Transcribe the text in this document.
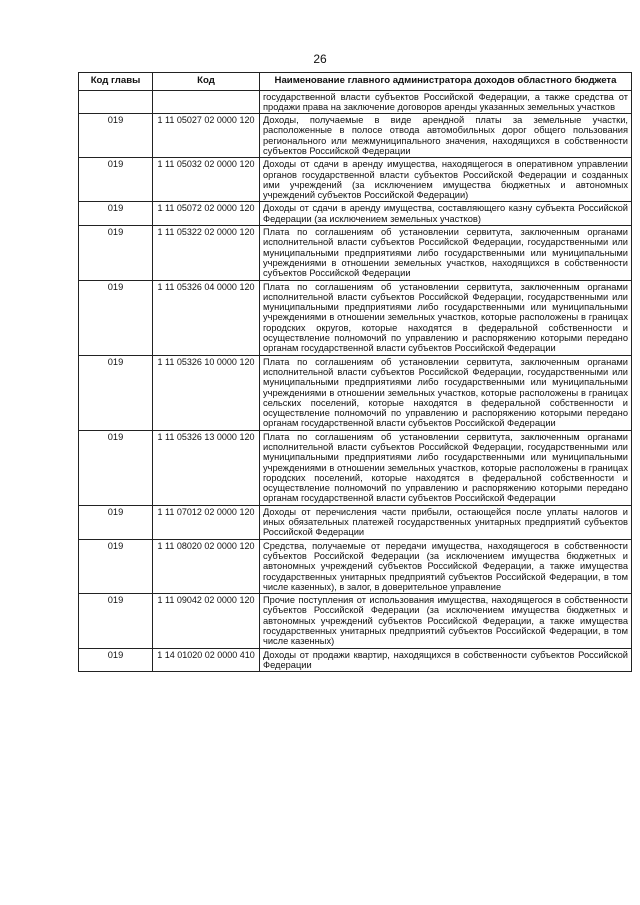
26
Код главы	Код	Наименование главного администратора доходов областного бюджета
		государственной власти субъектов Российской Федерации, а также средства от продажи права на заключение договоров аренды указанных земельных участков
019	1 11 05027 02 0000 120	Доходы, получаемые в виде арендной платы за земельные участки, расположенные в полосе отвода автомобильных дорог общего пользования регионального или межмуниципального значения, находящихся в собственности субъектов Российской Федерации
019	1 11 05032 02 0000 120	Доходы от сдачи в аренду имущества, находящегося в оперативном управлении органов государственной власти субъектов Российской Федерации и созданных ими учреждений (за исключением имущества бюджетных и автономных учреждений субъектов Российской Федерации)
019	1 11 05072 02 0000 120	Доходы от сдачи в аренду имущества, составляющего казну субъекта Российской Федерации (за исключением земельных участков)
019	1 11 05322 02 0000 120	Плата по соглашениям об установлении сервитута, заключенным органами исполнительной власти субъектов Российской Федерации, государственными или муниципальными предприятиями либо государственными или муниципальными учреждениями в отношении земельных участков, находящихся в собственности субъектов Российской Федерации
019	1 11 05326 04 0000 120	Плата по соглашениям об установлении сервитута, заключенным органами исполнительной власти субъектов Российской Федерации, государственными или муниципальными предприятиями либо государственными или муниципальными учреждениями в отношении земельных участков, которые расположены в границах городских округов, которые находятся в федеральной собственности и осуществление полномочий по управлению и распоряжению которыми передано органам государственной власти субъектов Российской Федерации
019	1 11 05326 10 0000 120	Плата по соглашениям об установлении сервитута, заключенным органами исполнительной власти субъектов Российской Федерации, государственными или муниципальными предприятиями либо государственными или муниципальными учреждениями в отношении земельных участков, которые расположены в границах сельских поселений, которые находятся в федеральной собственности и осуществление полномочий по управлению и распоряжению которыми передано органам государственной власти субъектов Российской Федерации
019	1 11 05326 13 0000 120	Плата по соглашениям об установлении сервитута, заключенным органами исполнительной власти субъектов Российской Федерации, государственными или муниципальными предприятиями либо государственными или муниципальными учреждениями в отношении земельных участков, которые расположены в границах городских поселений, которые находятся в федеральной собственности и осуществление полномочий по управлению и распоряжению которыми передано органам государственной власти субъектов Российской Федерации
019	1 11 07012 02 0000 120	Доходы от перечисления части прибыли, остающейся после уплаты налогов и иных обязательных платежей государственных унитарных предприятий субъектов Российской Федерации
019	1 11 08020 02 0000 120	Средства, получаемые от передачи имущества, находящегося в собственности субъектов Российской Федерации (за исключением имущества бюджетных и автономных учреждений субъектов Российской Федерации, а также имущества государственных унитарных предприятий субъектов Российской Федерации, в том числе казенных), в залог, в доверительное управление
019	1 11 09042 02 0000 120	Прочие поступления от использования имущества, находящегося в собственности субъектов Российской Федерации (за исключением имущества бюджетных и автономных учреждений субъектов Российской Федерации, а также имущества государственных унитарных предприятий субъектов Российской Федерации, в том числе казенных)
019	1 14 01020 02 0000 410	Доходы от продажи квартир, находящихся в собственности субъектов Российской Федерации
